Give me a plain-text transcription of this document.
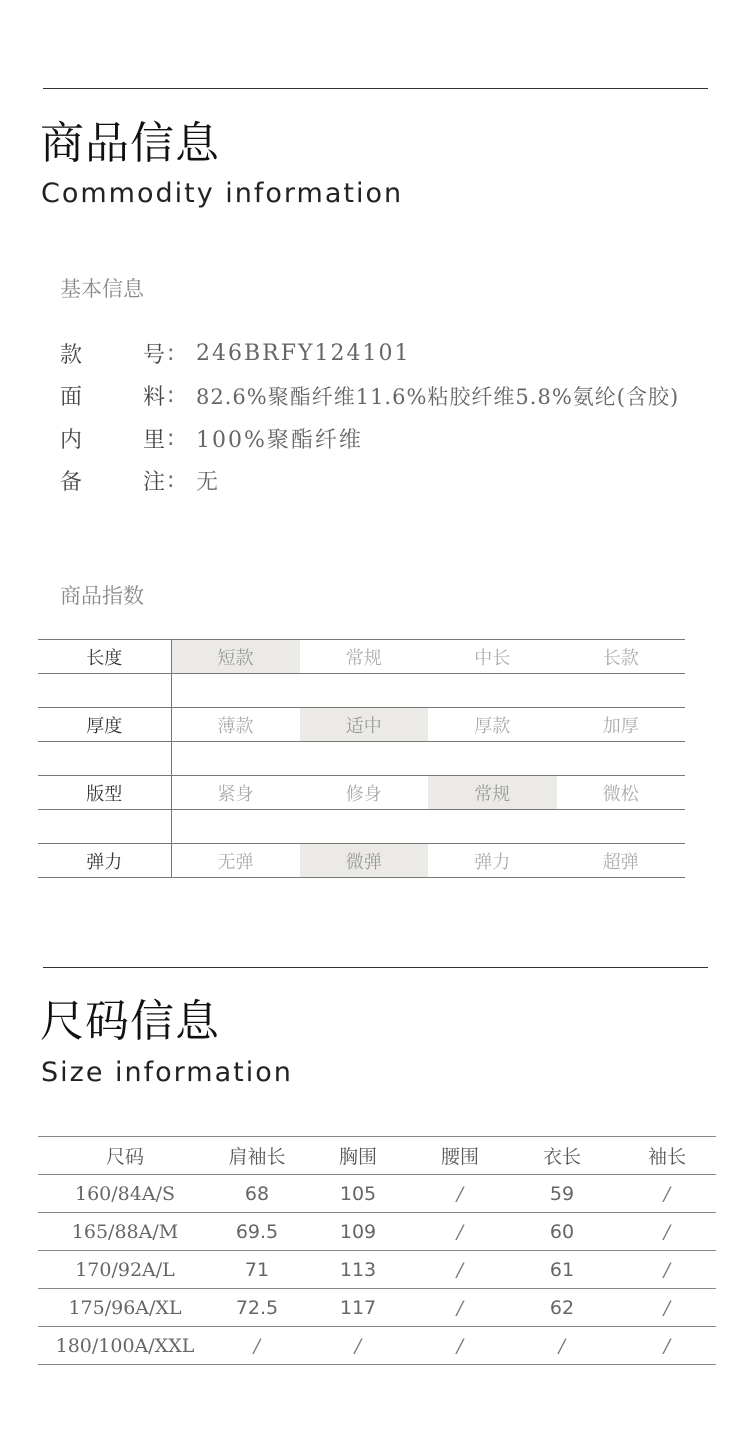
商品信息
Commodity information
基本信息
款	号 : 246BRFY124101
面	料 :	82.6%聚酯纤维11.6%粘胶纤维5.8%氨纶(含胶)
内	里 : 100%聚酯纤维
备	注 : 无
商品指数
长度	短款	常规	中长	长款

厚度	薄款	适中	厚款	加厚

版型	紧身	修身	常规	微松

弹力	无弹	微弹	弹力	超弹
尺码信息
Size information
尺码	肩袖长	胸围	腰围	衣长	袖长
160/84A/S	68	105	/	59	/
165/88A/M	69.5	109	/	60	/
170/92A/L	71	113	/	61	/
175/96A/XL	72.5	117	/	62	/
180/100A/XXL	/	/	/	/	/
